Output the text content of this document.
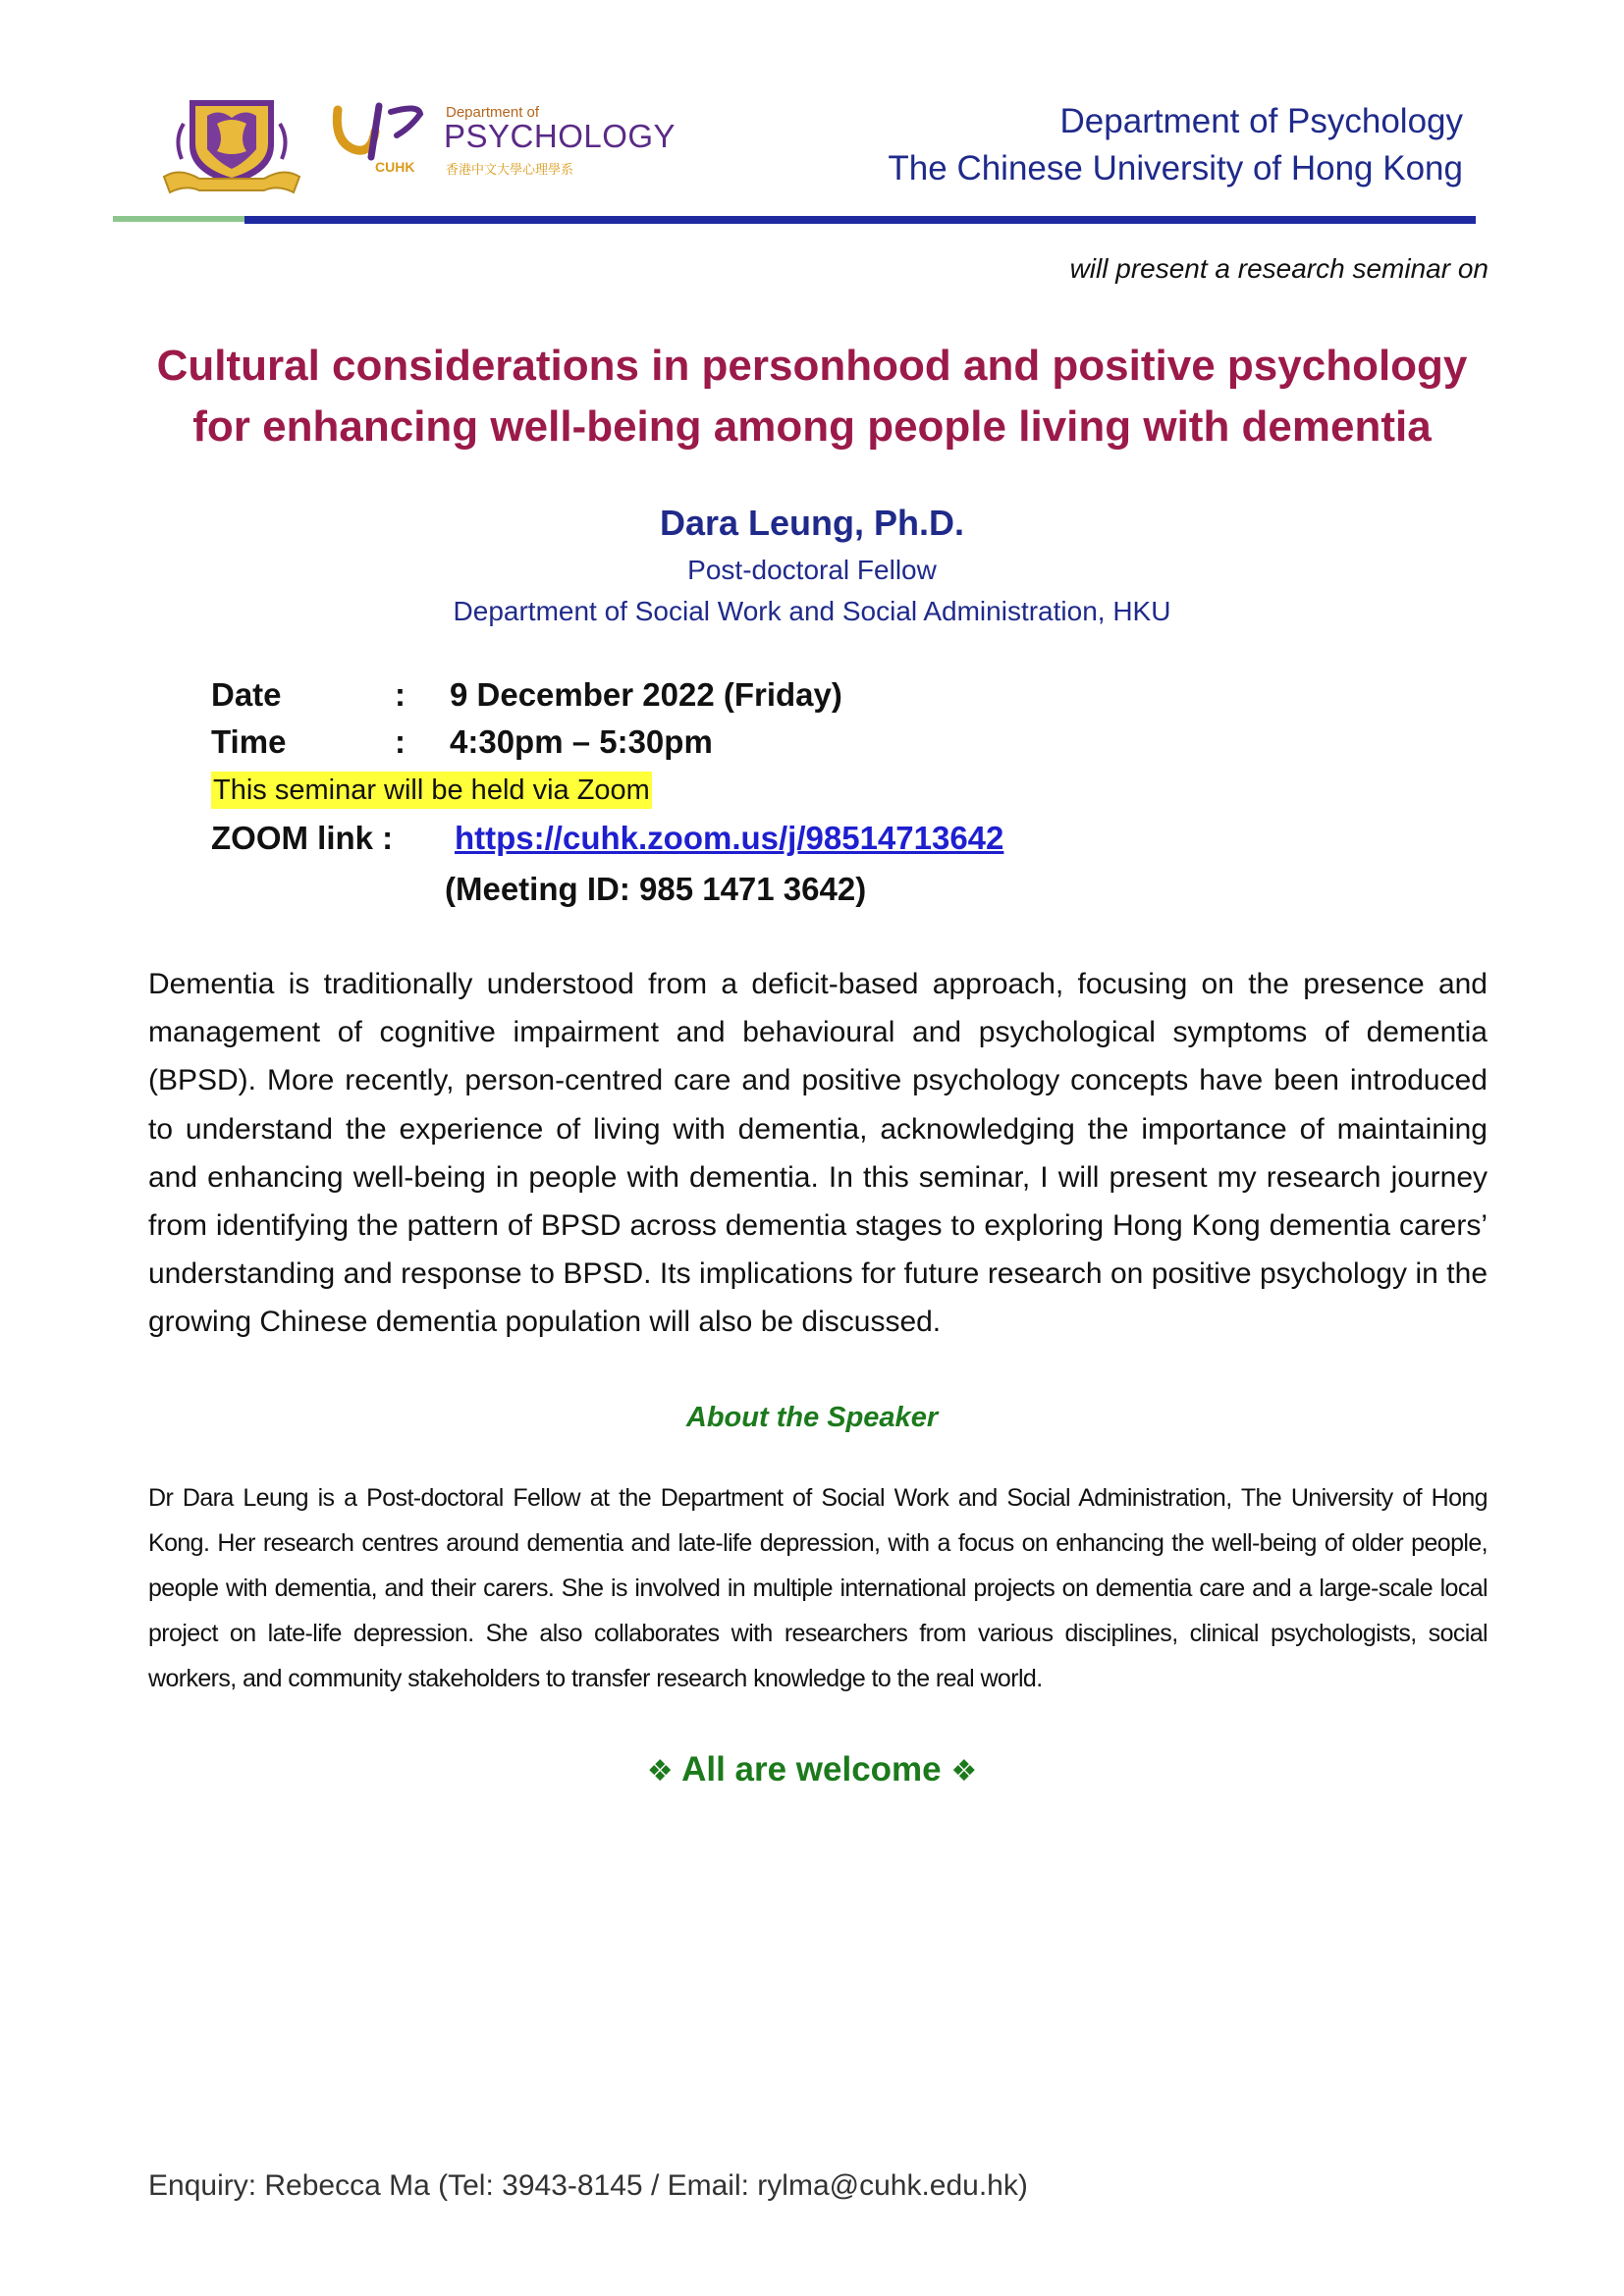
Department of
PSYCHOLOGY
CUHK 香港中文大學心理學系
Department of Psychology
The Chinese University of Hong Kong
will present a research seminar on
Cultural considerations in personhood and positive psychology
for enhancing well-being among people living with dementia
Dara Leung, Ph.D.
Post-doctoral Fellow
Department of Social Work and Social Administration, HKU
Date	: 9 December 2022 (Friday)
Time	: 4:30pm – 5:30pm
This seminar will be held via Zoom
ZOOM link : https://cuhk.zoom.us/j/98514713642
(Meeting ID: 985 1471 3642)
Dementia is traditionally understood from a deficit-based approach, focusing on the presence and management of cognitive impairment and behavioural and psychological symptoms of dementia (BPSD). More recently, person-centred care and positive psychology concepts have been introduced to understand the experience of living with dementia, acknowledging the importance of maintaining and enhancing well-being in people with dementia. In this seminar, I will present my research journey from identifying the pattern of BPSD across dementia stages to exploring Hong Kong dementia carers’ understanding and response to BPSD. Its implications for future research on positive psychology in the growing Chinese dementia population will also be discussed.
About the Speaker
Dr Dara Leung is a Post-doctoral Fellow at the Department of Social Work and Social Administration, The University of Hong Kong. Her research centres around dementia and late-life depression, with a focus on enhancing the well-being of older people, people with dementia, and their carers. She is involved in multiple international projects on dementia care and a large-scale local project on late-life depression. She also collaborates with researchers from various disciplines, clinical psychologists, social workers, and community stakeholders to transfer research knowledge to the real world.
❖ All are welcome ❖
Enquiry: Rebecca Ma (Tel: 3943-8145 / Email: rylma@cuhk.edu.hk)
